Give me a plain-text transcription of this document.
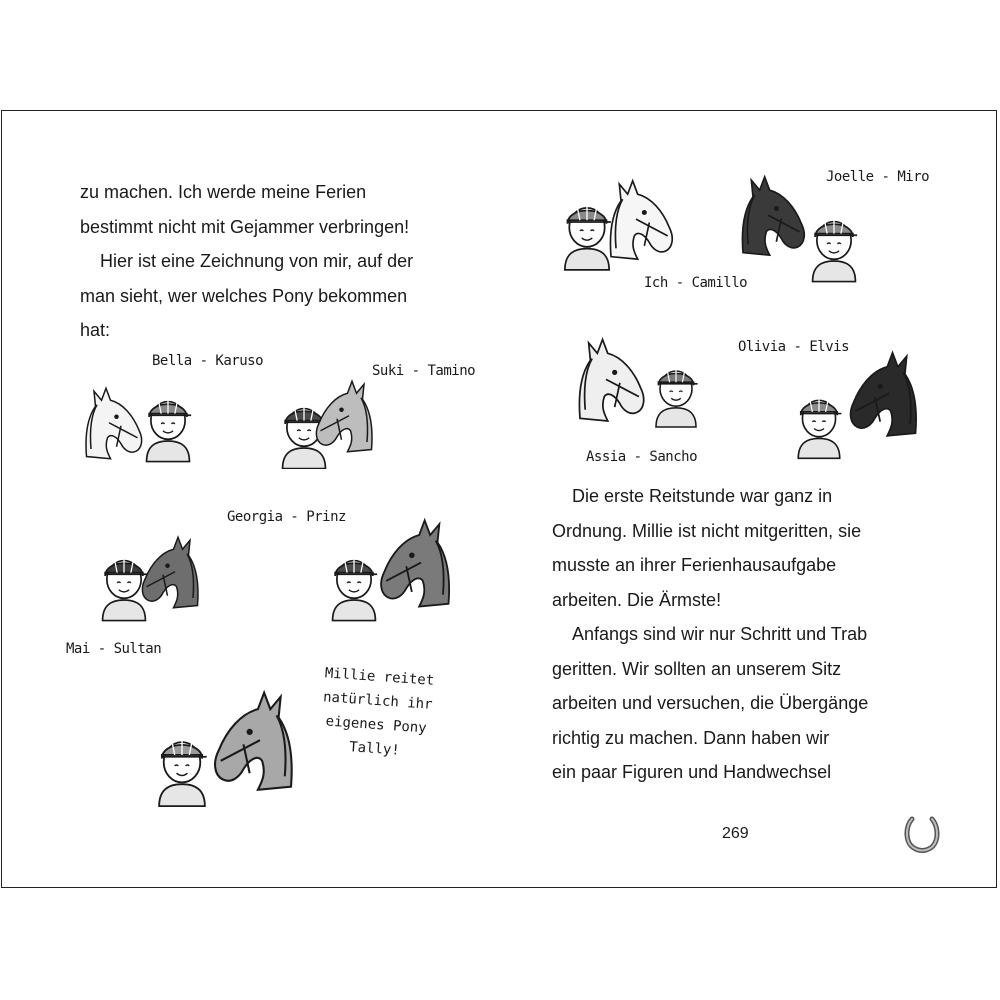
zu machen. Ich werde meine Ferien
bestimmt nicht mit Gejammer verbringen!
Hier ist eine Zeichnung von mir, auf der
man sieht, wer welches Pony bekommen
hat:
Bella - Karuso
Suki - Tamino
Georgia - Prinz
Mai - Sultan
Millie reitet
natürlich ihr
eigenes Pony
Tally!
Ich - Camillo
Joelle - Miro
Olivia - Elvis
Assia - Sancho
Die erste Reitstunde war ganz in
Ordnung. Millie ist nicht mitgeritten, sie
musste an ihrer Ferienhausaufgabe
arbeiten. Die Ärmste!
Anfangs sind wir nur Schritt und Trab
geritten. Wir sollten an unserem Sitz
arbeiten und versuchen, die Übergänge
richtig zu machen. Dann haben wir
ein paar Figuren und Handwechsel
269
